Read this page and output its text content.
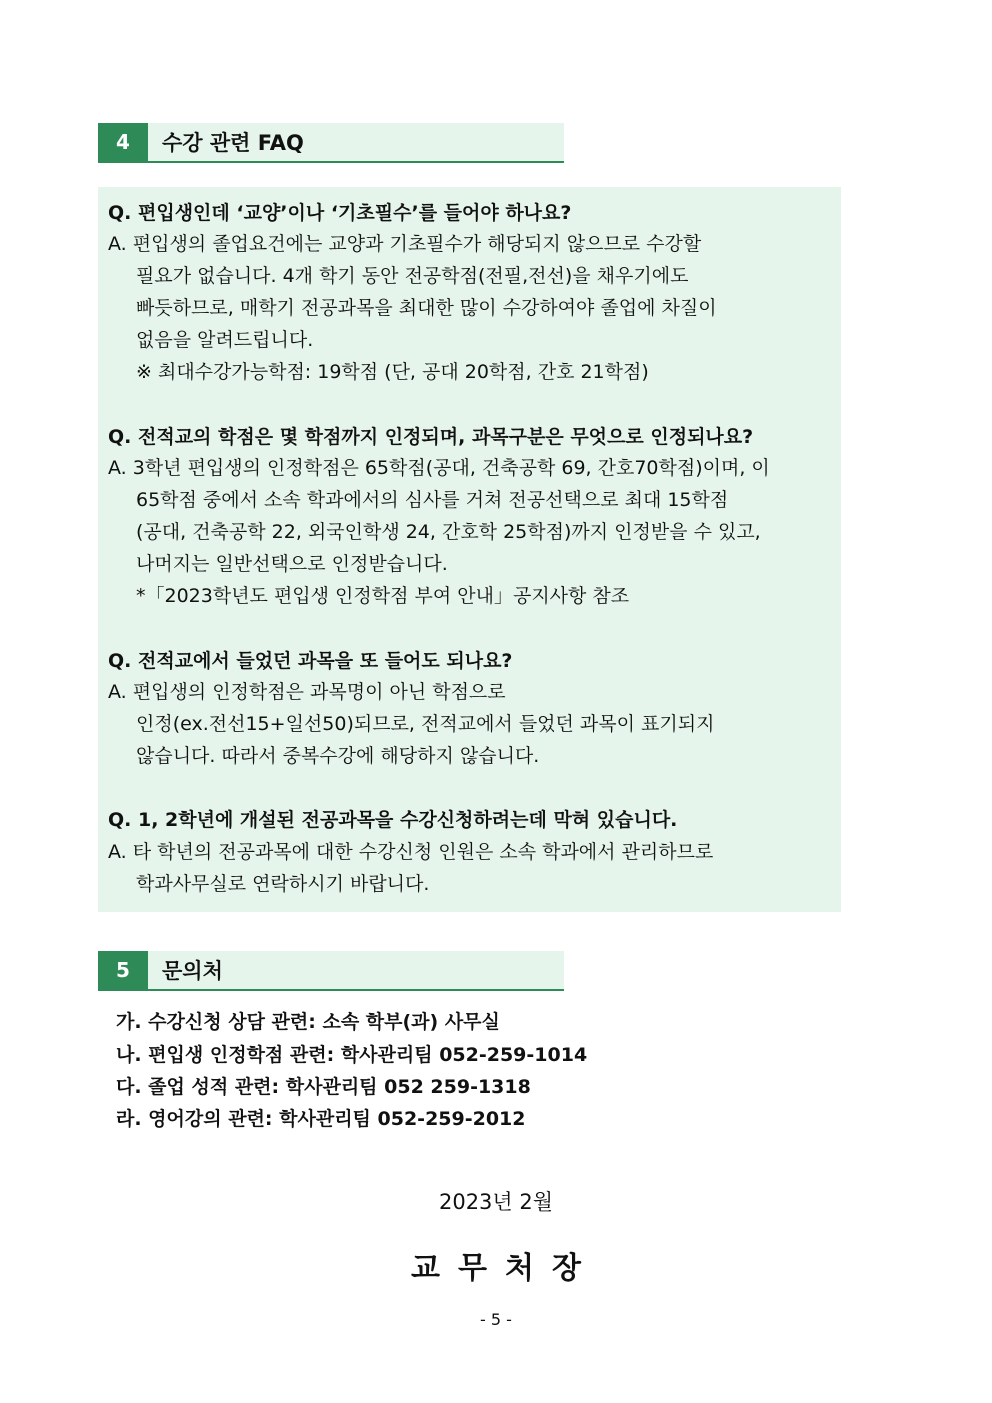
4	수강 관련 FAQ
Q. 편입생인데 ‘교양’이나 ‘기초필수’를 들어야 하나요?
A. 편입생의 졸업요건에는 교양과 기초필수가 해당되지 않으므로 수강할
필요가 없습니다. 4개 학기 동안 전공학점(전필,전선)을 채우기에도
빠듯하므로, 매학기 전공과목을 최대한 많이 수강하여야 졸업에 차질이
없음을 알려드립니다.
※ 최대수강가능학점: 19학점 (단, 공대 20학점, 간호 21학점)
Q. 전적교의 학점은 몇 학점까지 인정되며, 과목구분은 무엇으로 인정되나요?
A. 3학년 편입생의 인정학점은 65학점(공대, 건축공학 69, 간호70학점)이며, 이
65학점 중에서 소속 학과에서의 심사를 거쳐 전공선택으로 최대 15학점
(공대, 건축공학 22, 외국인학생 24, 간호학 25학점)까지 인정받을 수 있고,
나머지는 일반선택으로 인정받습니다.
*「2023학년도 편입생 인정학점 부여 안내」공지사항 참조
Q. 전적교에서 들었던 과목을 또 들어도 되나요?
A. 편입생의 인정학점은 과목명이 아닌 학점으로
인정(ex.전선15+일선50)되므로, 전적교에서 들었던 과목이 표기되지
않습니다. 따라서 중복수강에 해당하지 않습니다.
Q. 1, 2학년에 개설된 전공과목을 수강신청하려는데 막혀 있습니다.
A. 타 학년의 전공과목에 대한 수강신청 인원은 소속 학과에서 관리하므로
학과사무실로 연락하시기 바랍니다.
5	문의처
가. 수강신청 상담 관련: 소속 학부(과) 사무실
나. 편입생 인정학점 관련: 학사관리팀 052-259-1014
다. 졸업 성적 관련: 학사관리팀 052 259-1318
라. 영어강의 관련: 학사관리팀 052-259-2012
2023년 2월
교무처장
- 5 -
